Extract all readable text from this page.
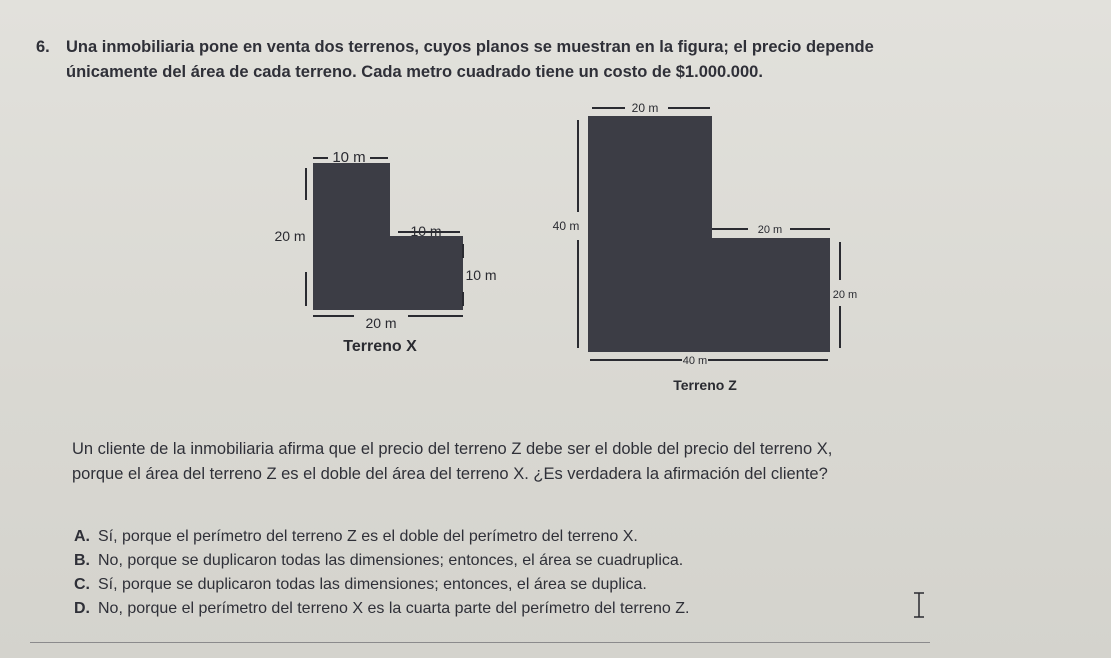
6. Una inmobiliaria pone en venta dos terrenos, cuyos planos se muestran en la figura; el precio depende
únicamente del área de cada terreno. Cada metro cuadrado tiene un costo de $1.000.000.
10 m
20 m	10 m
10 m
20 m
Terreno X
20 m
40 m	20 m
20 m
40 m
Terreno Z
Un cliente de la inmobiliaria afirma que el precio del terreno Z debe ser el doble del precio del terreno X,
porque el área del terreno Z es el doble del área del terreno X. ¿Es verdadera la afirmación del cliente?
A. Sí, porque el perímetro del terreno Z es el doble del perímetro del terreno X.
B. No, porque se duplicaron todas las dimensiones; entonces, el área se cuadruplica.
C. Sí, porque se duplicaron todas las dimensiones; entonces, el área se duplica.
D. No, porque el perímetro del terreno X es la cuarta parte del perímetro del terreno Z.
